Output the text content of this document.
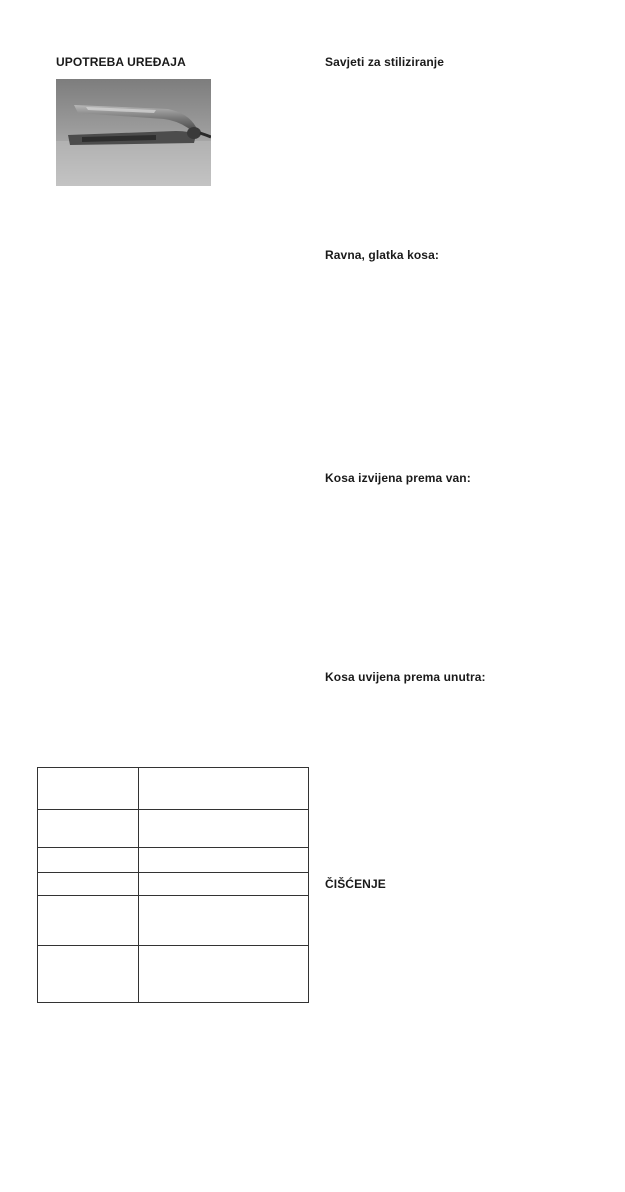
UPOTREBA UREĐAJA	Savjeti za stiliziranje
Ravna, glatka kosa:
Kosa izvijena prema van:
Kosa uvijena prema unutra:
ČIŠĆENJE
